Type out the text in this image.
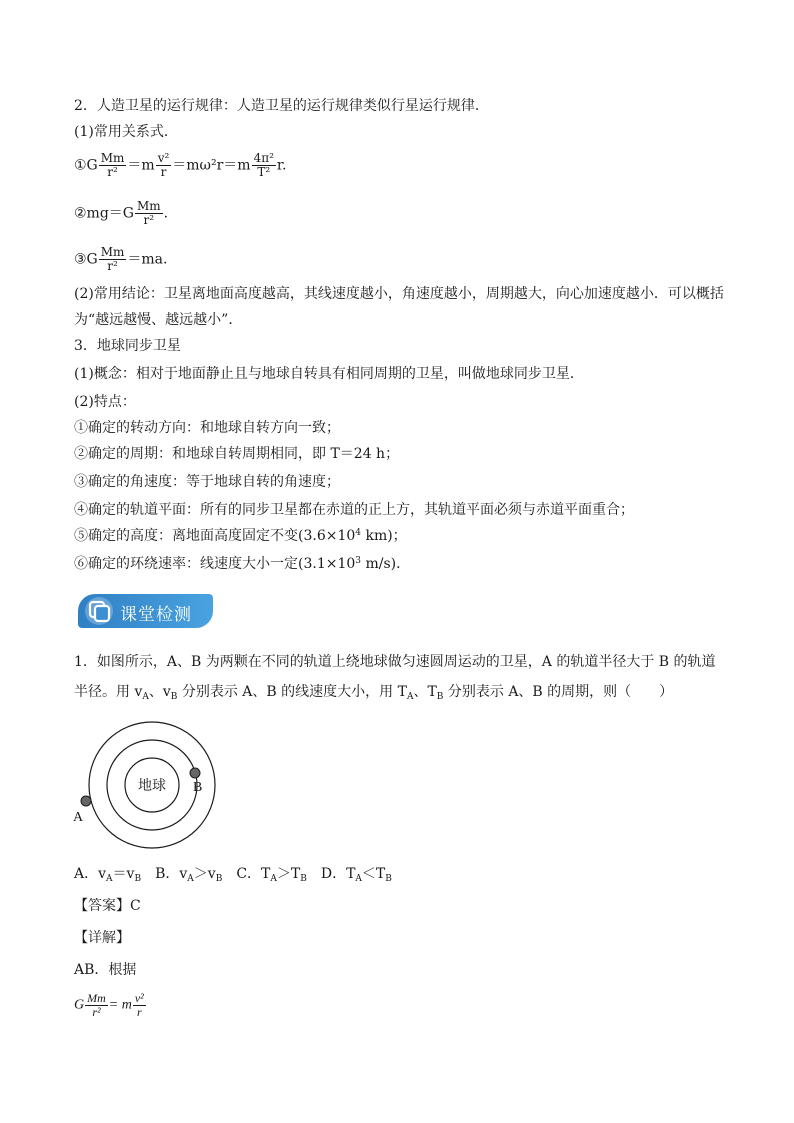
2．人造卫星的运行规律：人造卫星的运行规律类似行星运行规律．
(1)常用关系式．
①G $\frac{Mm}{\text{r²}} =m \frac{\text{v²}}{r} =m\omega^2r=m \frac{\text{4π²}}{\text{T²}} r$.
②mg＝G $\frac{Mm}{\text{r²}}$ .
③G $\frac{Mm}{\text{r²}} =ma$.
(2)常用结论：卫星离地面高度越高，其线速度越小，角速度越小，周期越大，向心加速度越小．可以概括
为“越远越慢、越远越小”．
3．地球同步卫星
(1)概念：相对于地面静止且与地球自转具有相同周期的卫星，叫做地球同步卫星．
(2)特点：
①确定的转动方向：和地球自转方向一致；
②确定的周期：和地球自转周期相同，即 T＝24 h；
③确定的角速度：等于地球自转的角速度；
④确定的轨道平面：所有的同步卫星都在赤道的正上方，其轨道平面必须与赤道平面重合；
⑤确定的高度：离地面高度固定不变($3.6\times 10^4$ km)；
⑥确定的环绕速率：线速度大小一定($3.1\times 10^3$ m/s)．
课堂检测
1．如图所示，A、B 为两颗在不同的轨道上绕地球做匀速圆周运动的卫星，A 的轨道半径大于 B 的轨道
半径。用 $v_A$、$v_B$ 分别表示 A、B 的线速度大小，用 $T_A$、$T_B$ 分别表示 A、B 的周期，则（　　）
地球
A
B
A．$v_A=v_B$　B．$v_A>v_B$　C．$T_A>T_B$　D．$T_A<T_B$
【答案】C
【详解】
AB．根据
G $\frac{Mm}{\text{r²}} = m \frac{\text{v²}}{r}$
